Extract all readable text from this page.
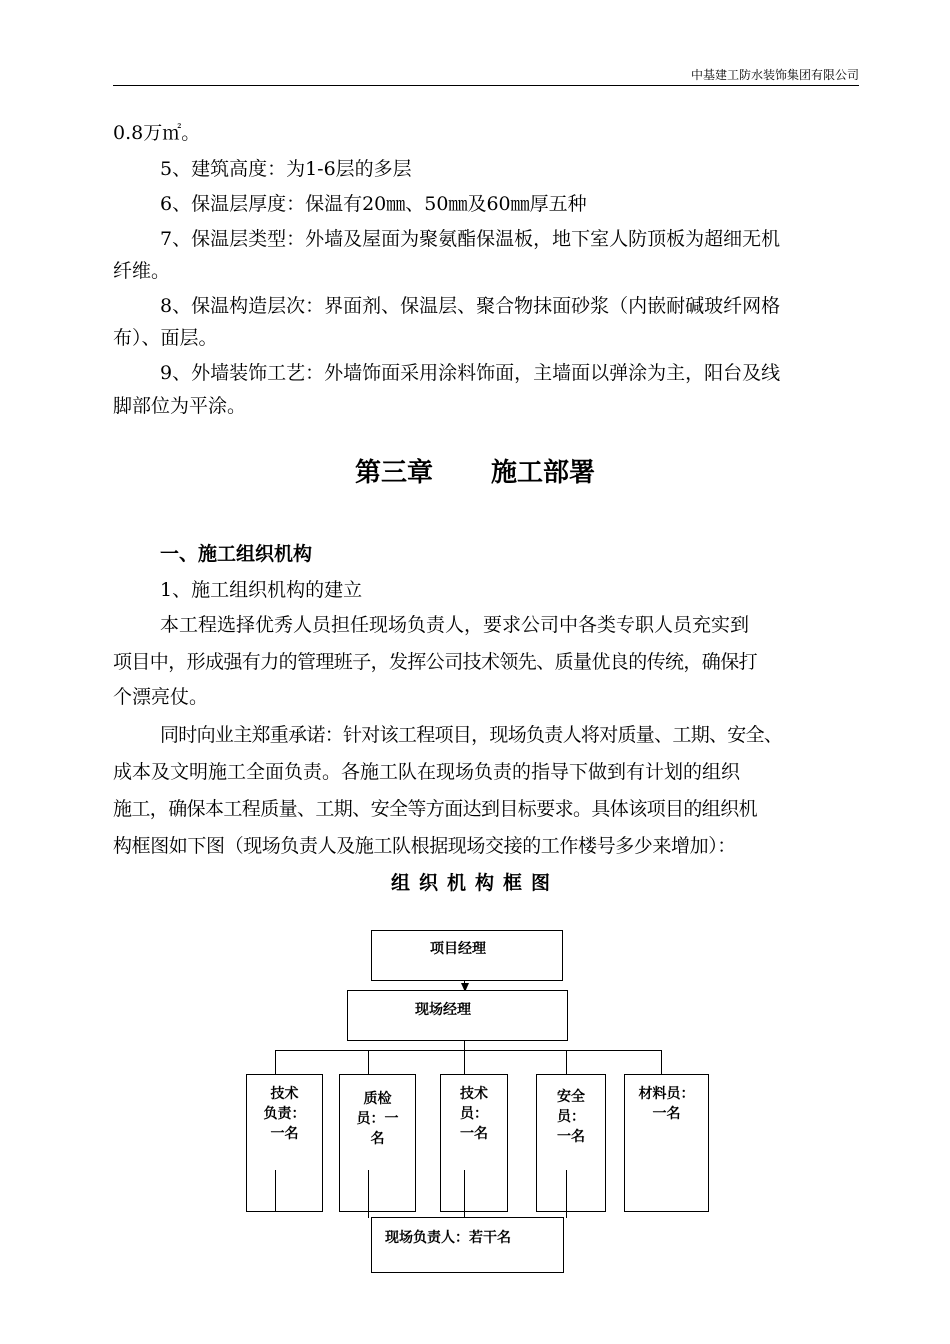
中基建工防水装饰集团有限公司
0.8万㎡。
5、建筑高度：为1-6层的多层
6、保温层厚度：保温有20㎜、50㎜及60㎜厚五种
7、保温层类型：外墙及屋面为聚氨酯保温板，地下室人防顶板为超细无机
纤维。
8、保温构造层次：界面剂、保温层、聚合物抹面砂浆（内嵌耐碱玻纤网格
布）、面层。
9、外墙装饰工艺：外墙饰面采用涂料饰面，主墙面以弹涂为主，阳台及线
脚部位为平涂。
第三章 施工部署
一、施工组织机构
1、施工组织机构的建立
本工程选择优秀人员担任现场负责人，要求公司中各类专职人员充实到
项目中，形成强有力的管理班子，发挥公司技术领先、质量优良的传统，确保打
个漂亮仗。
同时向业主郑重承诺：针对该工程项目，现场负责人将对质量、工期、安全、
成本及文明施工全面负责。各施工队在现场负责的指导下做到有计划的组织
施工，确保本工程质量、工期、安全等方面达到目标要求。具体该项目的组织机
构框图如下图（现场负责人及施工队根据现场交接的工作楼号多少来增加）：
组织机构框图
项目经理
现场经理
技术
负责：
一名
质检
员：一
名
技术
员：
一名
安全
员：
一名
材料员：
一名
现场负责人：若干名
